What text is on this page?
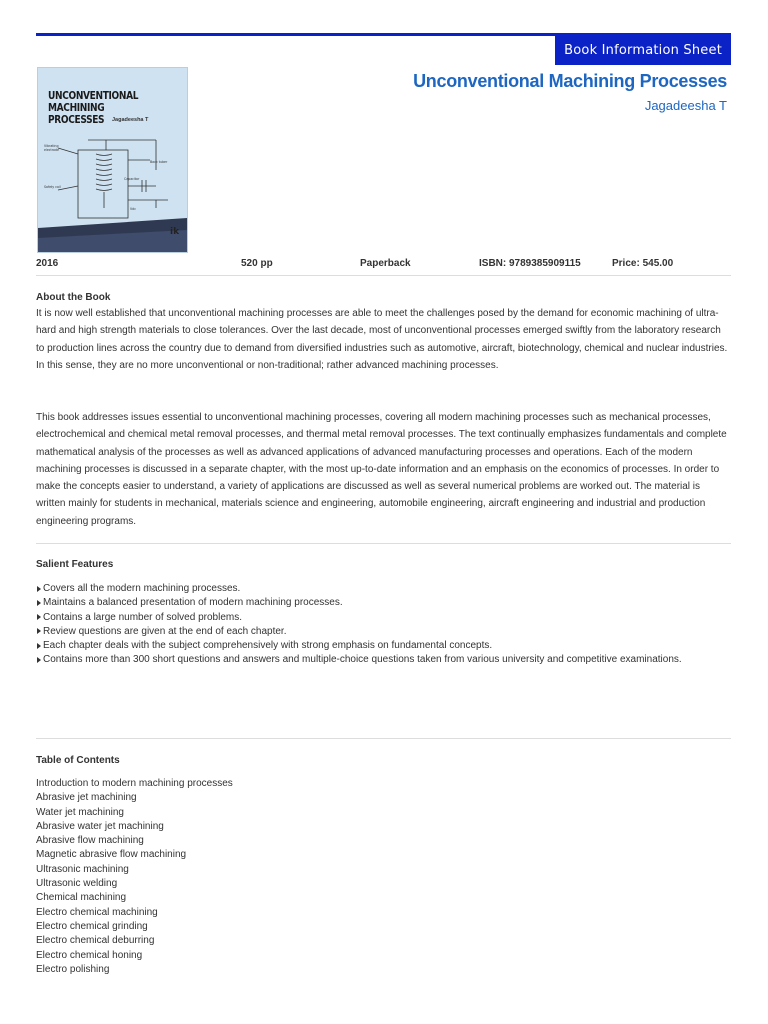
Book Information Sheet
Vibrating
electrode
Back tuber
Capacitor
Safety coil
Vdc
ik
UNCONVENTIONAL
MACHINING PROCESSES	Jagadeesha T
Unconventional Machining Processes
Jagadeesha T
2016	520 pp	Paperback	ISBN: 9789385909115	Price: 545.00
About the Book

It is now well established that unconventional machining processes are able to meet the challenges posed by the demand for economic machining of ultra-hard and high strength materials to close tolerances. Over the last decade, most of unconventional processes emerged swiftly from the laboratory research to production lines across the country due to demand from diversified industries such as automotive, aircraft, biotechnology, chemical and nuclear industries. In this sense, they are no more unconventional or non-traditional; rather advanced machining processes.

This book addresses issues essential to unconventional machining processes, covering all modern machining processes such as mechanical processes, electrochemical and chemical metal removal processes, and thermal metal removal processes. The text continually emphasizes fundamentals and complete mathematical analysis of the processes as well as advanced applications of advanced manufacturing processes and operations. Each of the modern machining processes is discussed in a separate chapter, with the most up-to-date information and an emphasis on the economics of processes. In order to make the concepts easier to understand, a variety of applications are discussed as well as several numerical problems are worked out. The material is written mainly for students in mechanical, materials science and engineering, automobile engineering, aircraft engineering and industrial and production engineering programs.

Salient Features
Covers all the modern machining processes.
Maintains a balanced presentation of modern machining processes.
Contains a large number of solved problems.
Review questions are given at the end of each chapter.
Each chapter deals with the subject comprehensively with strong emphasis on fundamental concepts.
Contains more than 300 short questions and answers and multiple-choice questions taken from various university and competitive examinations.
Table of Contents
Introduction to modern machining processes
Abrasive jet machining
Water jet machining
Abrasive water jet machining
Abrasive flow machining
Magnetic abrasive flow machining
Ultrasonic machining
Ultrasonic welding
Chemical machining
Electro chemical machining
Electro chemical grinding
Electro chemical deburring
Electro chemical honing
Electro polishing
